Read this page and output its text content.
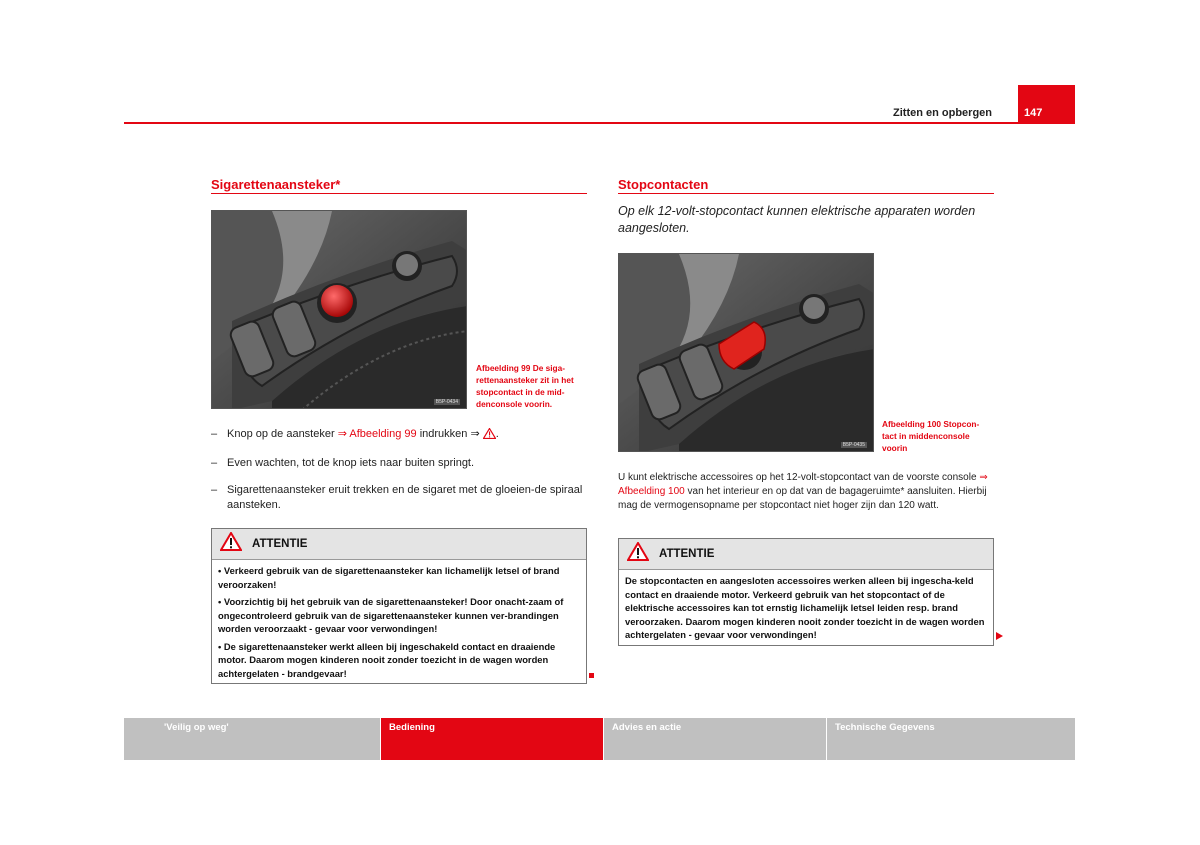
Zitten en opbergen	147
Sigarettenaansteker*
B5P-0434
Afbeelding 99 De siga-rettenaansteker zit in het stopcontact in de mid-denconsole voorin.
– Knop op de aansteker ⇒ Afbeelding 99 indrukken ⇒ .
– Even wachten, tot de knop iets naar buiten springt.
– Sigarettenaansteker eruit trekken en de sigaret met de gloeien-de spiraal aansteken.
ATTENTIE

• Verkeerd gebruik van de sigarettenaansteker kan lichamelijk letsel of brand veroorzaken!

• Voorzichtig bij het gebruik van de sigarettenaansteker! Door onacht-zaam of ongecontroleerd gebruik van de sigarettenaansteker kunnen ver-brandingen worden veroorzaakt - gevaar voor verwondingen!

• De sigarettenaansteker werkt alleen bij ingeschakeld contact en draaiende motor. Daarom mogen kinderen nooit zonder toezicht in de wagen worden achtergelaten - brandgevaar!

Stopcontacten
Op elk 12-volt-stopcontact kunnen elektrische apparaten worden aangesloten.
B5P-0435
Afbeelding 100 Stopcon-tact in middenconsole voorin
U kunt elektrische accessoires op het 12-volt-stopcontact van de voorste console ⇒ Afbeelding 100 van het interieur en op dat van de bagageruimte* aansluiten. Hierbij mag de vermogensopname per stopcontact niet hoger zijn dan 120 watt.
ATTENTIE

De stopcontacten en aangesloten accessoires werken alleen bij ingescha-keld contact en draaiende motor. Verkeerd gebruik van het stopcontact of de elektrische accessoires kan tot ernstig lichamelijk letsel leiden resp. brand veroorzaken. Daarom mogen kinderen nooit zonder toezicht in de wagen worden achtergelaten - gevaar voor verwondingen!

'Veilig op weg'	Bediening	Advies en actie	Technische Gegevens
